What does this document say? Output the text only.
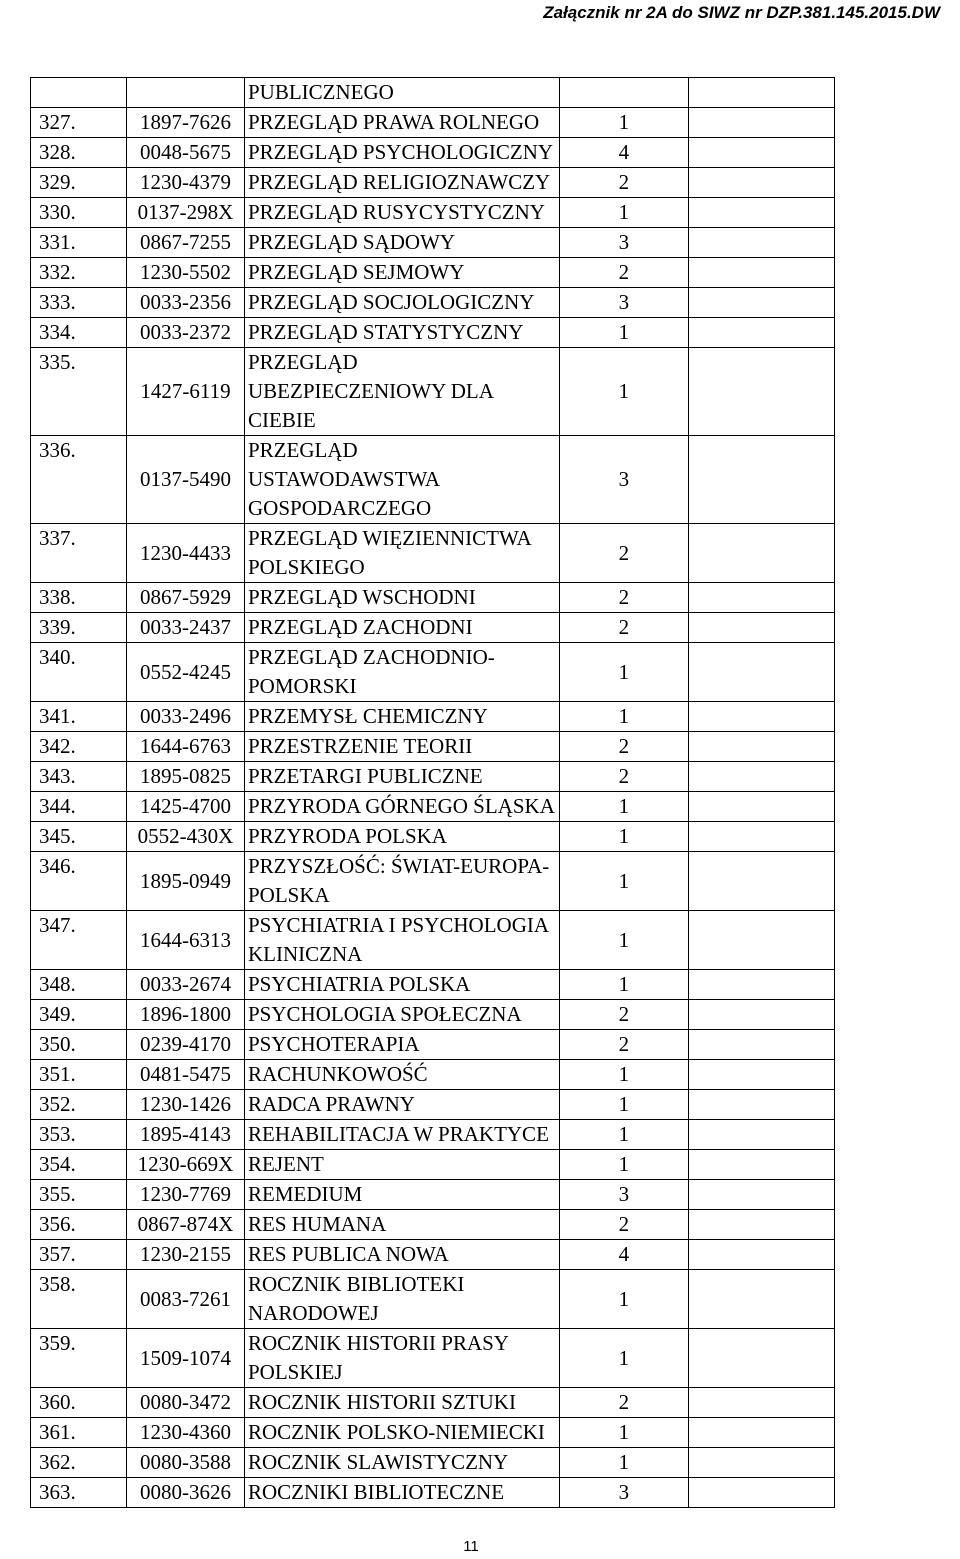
Załącznik nr 2A do SIWZ nr DZP.381.145.2015.DW

		PUBLICZNEGO		

327.	1897-7626	PRZEGLĄD PRAWA ROLNEGO	1	
328.	0048-5675	PRZEGLĄD PSYCHOLOGICZNY	4	
329.	1230-4379	PRZEGLĄD RELIGIOZNAWCZY	2	
330.	0137-298X	PRZEGLĄD RUSYCYSTYCZNY	1	
331.	0867-7255	PRZEGLĄD SĄDOWY	3	
332.	1230-5502	PRZEGLĄD SEJMOWY	2	
333.	0033-2356	PRZEGLĄD SOCJOLOGICZNY	3	
334.	0033-2372	PRZEGLĄD STATYSTYCZNY	1	
335.	1427-6119	PRZEGLĄD
UBEZPIECZENIOWY DLA
CIEBIE	1	
336.	0137-5490	PRZEGLĄD
USTAWODAWSTWA
GOSPODARCZEGO	3	
337.	1230-4433	PRZEGLĄD WIĘZIENNICTWA
POLSKIEGO	2	
338.	0867-5929	PRZEGLĄD WSCHODNI	2	
339.	0033-2437	PRZEGLĄD ZACHODNI	2	
340.	0552-4245	PRZEGLĄD ZACHODNIO-
POMORSKI	1	
341.	0033-2496	PRZEMYSŁ CHEMICZNY	1	
342.	1644-6763	PRZESTRZENIE TEORII	2	
343.	1895-0825	PRZETARGI PUBLICZNE	2	
344.	1425-4700	PRZYRODA GÓRNEGO ŚLĄSKA	1	
345.	0552-430X	PRZYRODA POLSKA	1	
346.	1895-0949	PRZYSZŁOŚĆ: ŚWIAT-EUROPA-
POLSKA	1	
347.	1644-6313	PSYCHIATRIA I PSYCHOLOGIA
KLINICZNA	1	
348.	0033-2674	PSYCHIATRIA POLSKA	1	
349.	1896-1800	PSYCHOLOGIA SPOŁECZNA	2	
350.	0239-4170	PSYCHOTERAPIA	2	
351.	0481-5475	RACHUNKOWOŚĆ	1	
352.	1230-1426	RADCA PRAWNY	1	
353.	1895-4143	REHABILITACJA W PRAKTYCE	1	
354.	1230-669X	REJENT	1	
355.	1230-7769	REMEDIUM	3	
356.	0867-874X	RES HUMANA	2	
357.	1230-2155	RES PUBLICA NOWA	4	
358.	0083-7261	ROCZNIK BIBLIOTEKI
NARODOWEJ	1	
359.	1509-1074	ROCZNIK HISTORII PRASY
POLSKIEJ	1	
360.	0080-3472	ROCZNIK HISTORII SZTUKI	2	
361.	1230-4360	ROCZNIK POLSKO-NIEMIECKI	1	
362.	0080-3588	ROCZNIK SLAWISTYCZNY	1	
363.	0080-3626	ROCZNIKI BIBLIOTECZNE	3	
11
